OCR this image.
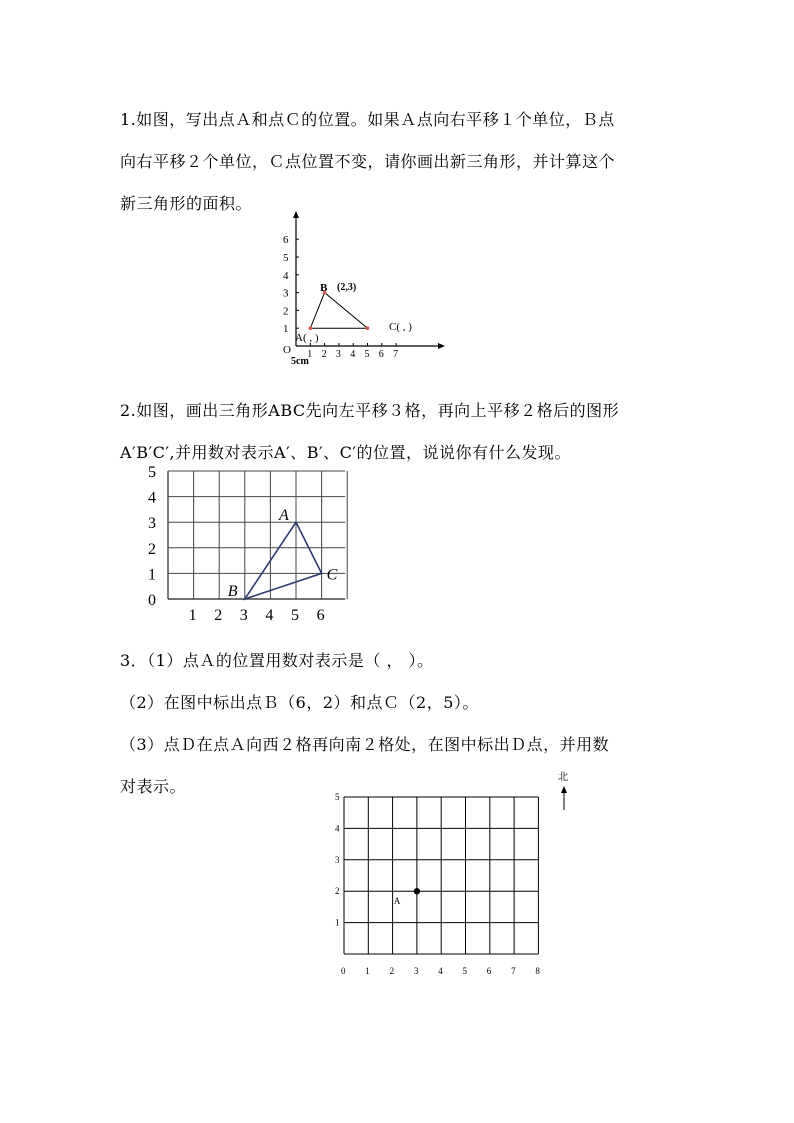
1.如图，写出点Ａ和点Ｃ的位置。如果Ａ点向右平移１个单位，Ｂ点

向右平移２个单位，Ｃ点位置不变，请你画出新三角形，并计算这个

新三角形的面积。

1 2 3 4 5 6 7
1
2
3
4
5
6
O
5cm
A( , )
B (2,3)
C( , )

2.如图，画出三角形ABC先向左平移３格，再向上平移２格后的图形

A′B′C′,并用数对表示A′、B′、C′的位置，说说你有什么发现。

1 2 3 4 5 6
0
1
2
3
4
5
A
B
C

3．（1）点Ａ的位置用数对表示是（ ， ）。

（2）在图中标出点Ｂ（6，2）和点Ｃ（2，5）。

（3）点Ｄ在点Ａ向西２格再向南２格处，在图中标出Ｄ点，并用数

对表示。	北
0 1 2 3 4 5 6 7 8
1
2
3
4
5
A
